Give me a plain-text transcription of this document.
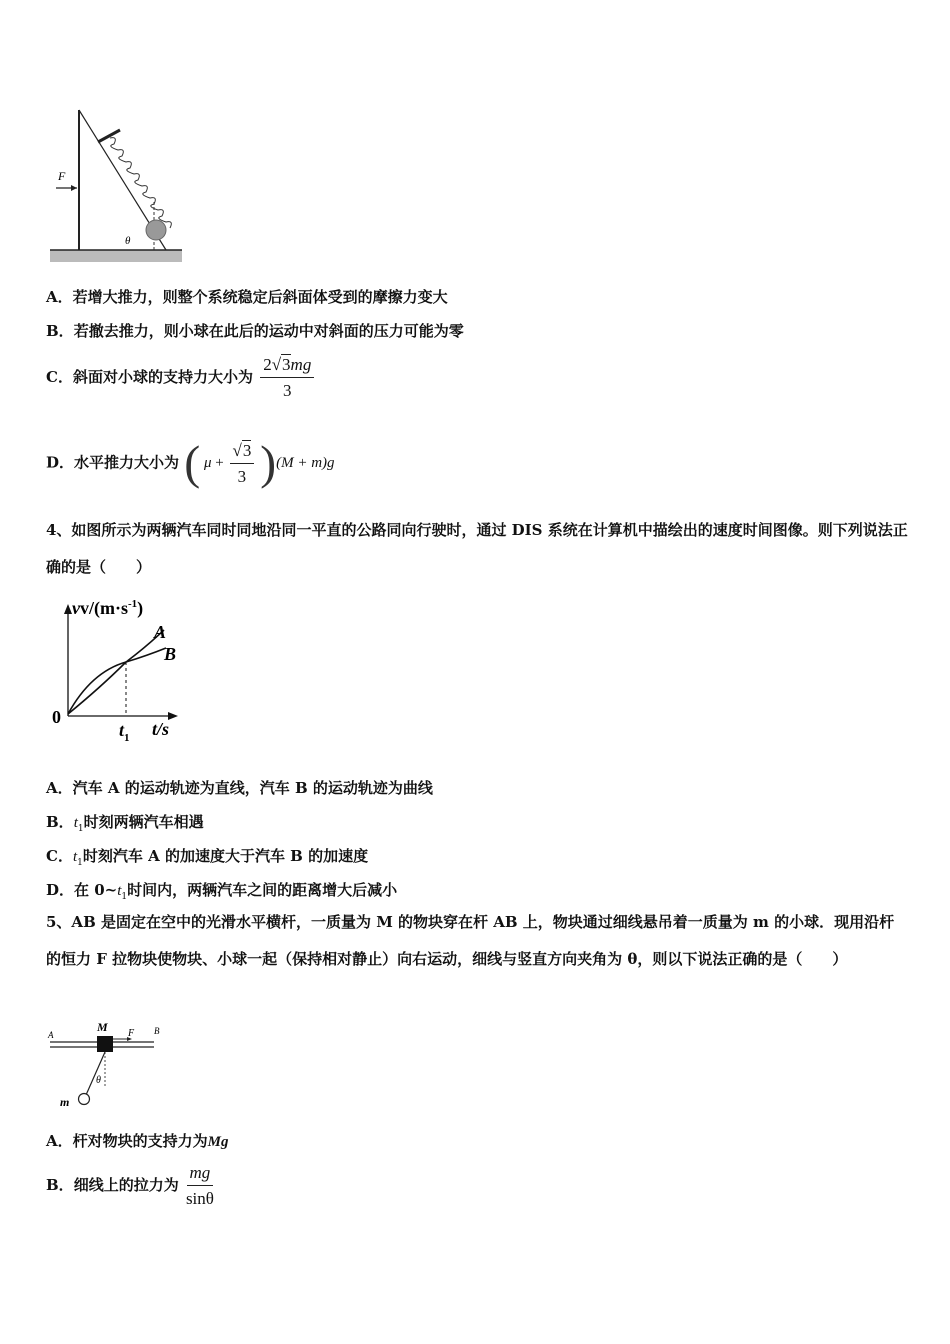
F
θ
A．若增大推力，则整个系统稳定后斜面体受到的摩擦力变大
B．若撤去推力，则小球在此后的运动中对斜面的压力可能为零
C．斜面对小球的支持力大小为 $\frac{2√3mg}{3}$
D．水平推力大小为 ( $\mu + \frac{√3}{3} )(M + m)g$
4、如图所示为两辆汽车同时同地沿同一平直的公路同向行驶时，通过 DIS 系统在计算机中描绘出的速度时间图像。则下列说法正确的是（　　）
$vv/(m\cdot s^{-1})$
A
B
0
$t_1$ t/s
A．汽车 A 的运动轨迹为直线，汽车 B 的运动轨迹为曲线
B．$t_1$时刻两辆汽车相遇
C．$t_1$时刻汽车 A 的加速度大于汽车 B 的加速度
D．在 $0\sim t_1$时间内，两辆汽车之间的距离增大后减小
5、AB 是固定在空中的光滑水平横杆，一质量为 M 的物块穿在杆 AB 上，物块通过细线悬吊着一质量为 m 的小球．现用沿杆的恒力 F 拉物块使物块、小球一起（保持相对静止）向右运动，细线与竖直方向夹角为 θ，则以下说法正确的是（　　）
A	B
M F
θ
m
A．杆对物块的支持力为Mg
B．细线上的拉力为 $\frac{mg}{\sin\theta}$
